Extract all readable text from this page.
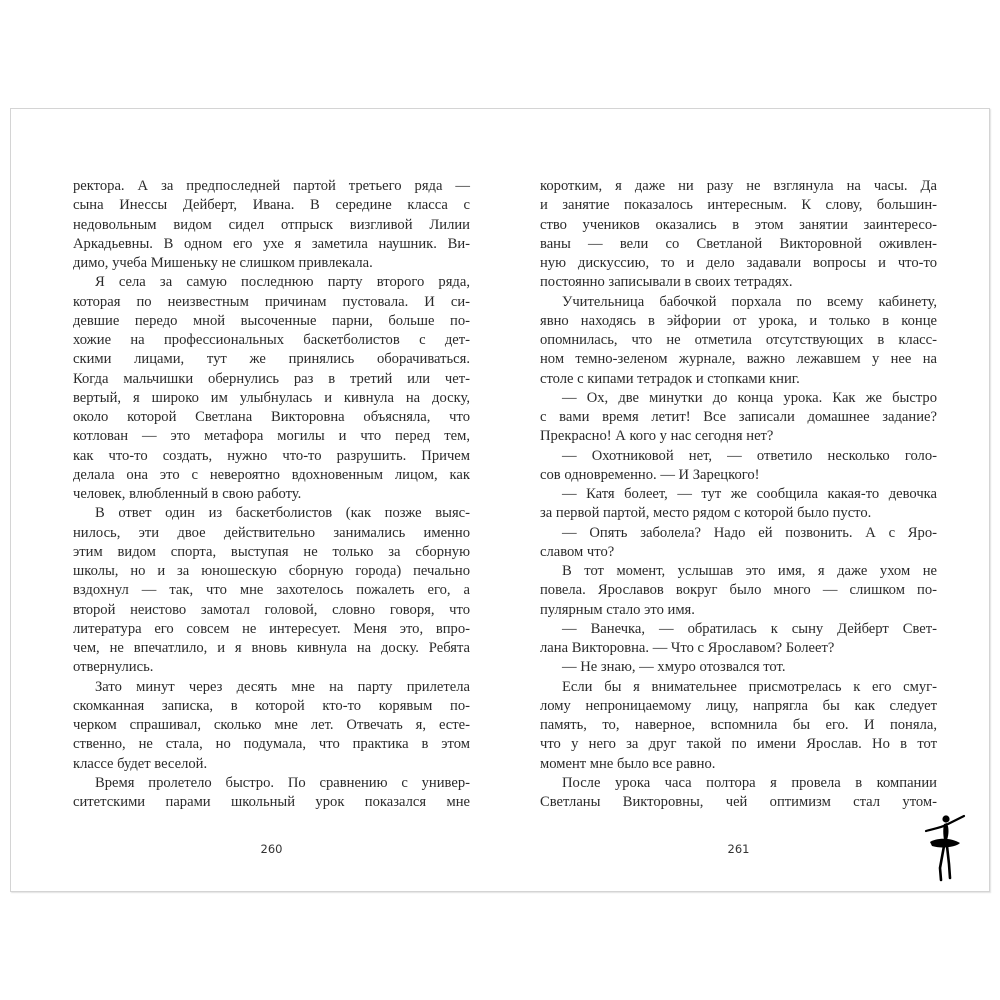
ректора. А за предпоследней партой третьего ряда —
сына Инессы Дейберт, Ивана. В середине класса с
недовольным видом сидел отпрыск визгливой Лилии
Аркадьевны. В одном его ухе я заметила наушник. Ви-
димо, учеба Мишеньку не слишком привлекала.
Я села за самую последнюю парту второго ряда,
которая по неизвестным причинам пустовала. И си-
девшие передо мной высоченные парни, больше по-
хожие на профессиональных баскетболистов с дет-
скими лицами, тут же принялись оборачиваться.
Когда мальчишки обернулись раз в третий или чет-
вертый, я широко им улыбнулась и кивнула на доску,
около которой Светлана Викторовна объясняла, что
котлован — это метафора могилы и что перед тем,
как что-то создать, нужно что-то разрушить. Причем
делала она это с невероятно вдохновенным лицом, как
человек, влюбленный в свою работу.
В ответ один из баскетболистов (как позже выяс-
нилось, эти двое действительно занимались именно
этим видом спорта, выступая не только за сборную
школы, но и за юношескую сборную города) печально
вздохнул — так, что мне захотелось пожалеть его, а
второй неистово замотал головой, словно говоря, что
литература его совсем не интересует. Меня это, впро-
чем, не впечатлило, и я вновь кивнула на доску. Ребята
отвернулись.
Зато минут через десять мне на парту прилетела
скомканная записка, в которой кто-то корявым по-
черком спрашивал, сколько мне лет. Отвечать я, есте-
ственно, не стала, но подумала, что практика в этом
классе будет веселой.
Время пролетело быстро. По сравнению с универ-
ситетскими парами школьный урок показался мне
коротким, я даже ни разу не взглянула на часы. Да
и занятие показалось интересным. К слову, большин-
ство учеников оказались в этом занятии заинтересо-
ваны — вели со Светланой Викторовной оживлен-
ную дискуссию, то и дело задавали вопросы и что-то
постоянно записывали в своих тетрадях.
Учительница бабочкой порхала по всему кабинету,
явно находясь в эйфории от урока, и только в конце
опомнилась, что не отметила отсутствующих в класс-
ном темно-зеленом журнале, важно лежавшем у нее на
столе с кипами тетрадок и стопками книг.
— Ох, две минутки до конца урока. Как же быстро
с вами время летит! Все записали домашнее задание?
Прекрасно! А кого у нас сегодня нет?
— Охотниковой нет, — ответило несколько голо-
сов одновременно. — И Зарецкого!
— Катя болеет, — тут же сообщила какая-то девочка
за первой партой, место рядом с которой было пусто.
— Опять заболела? Надо ей позвонить. А с Яро-
славом что?
В тот момент, услышав это имя, я даже ухом не
повела. Ярославов вокруг было много — слишком по-
пулярным стало это имя.
— Ванечка, — обратилась к сыну Дейберт Свет-
лана Викторовна. — Что с Ярославом? Болеет?
— Не знаю, — хмуро отозвался тот.
Если бы я внимательнее присмотрелась к его смуг-
лому непроницаемому лицу, напрягла бы как следует
память, то, наверное, вспомнила бы его. И поняла,
что у него за друг такой по имени Ярослав. Но в тот
момент мне было все равно.
После урока часа полтора я провела в компании
Светланы Викторовны, чей оптимизм стал утом-
260	261
